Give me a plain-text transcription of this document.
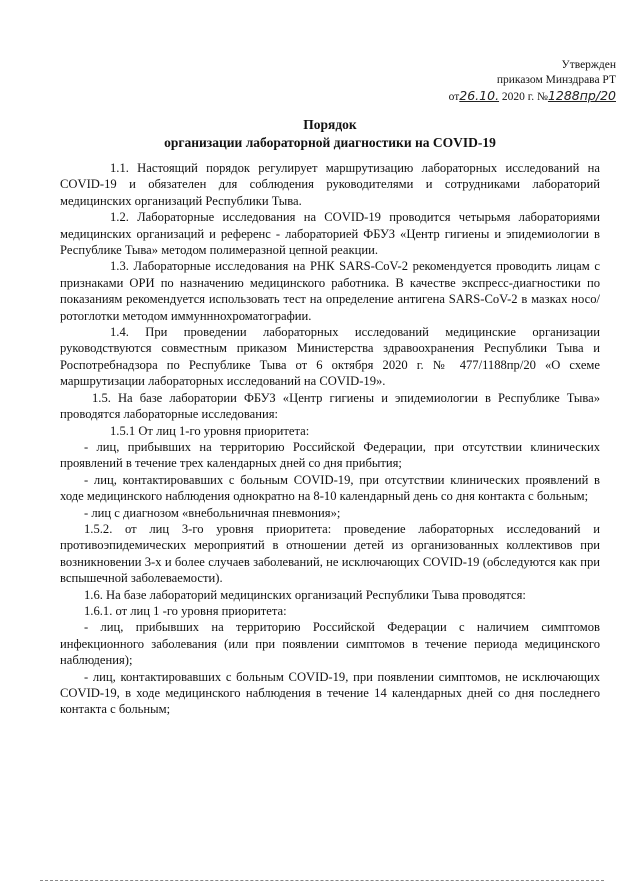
Утвержден
приказом Минздрава РТ
от26.10. 2020 г. №1288пр/20
Порядок
организации лабораторной диагностики на COVID-19

1.1. Настоящий порядок регулирует маршрутизацию лабораторных исследований на COVID-19 и обязателен для соблюдения руководителями и сотрудниками лабораторий медицинских организаций Республики Тыва.

1.2. Лабораторные исследования на COVID-19 проводится четырьмя лабораториями медицинских организаций и референс - лабораторией ФБУЗ «Центр гигиены и эпидемиологии в Республике Тыва» методом полимеразной цепной реакции.

1.3. Лабораторные исследования на РНК SARS-CoV-2 рекомендуется проводить лицам с признаками ОРИ по назначению медицинского работника. В качестве экспресс-диагностики по показаниям рекомендуется использовать тест на определение антигена SARS-CoV-2 в мазках носо/ротоглотки методом иммунннохроматографии.

1.4. При проведении лабораторных исследований медицинские организации руководствуются совместным приказом Министерства здравоохранения Республики Тыва и Роспотребнадзора по Республике Тыва от 6 октября 2020 г. № 477/1188пр/20 «О схеме маршрутизации лабораторных исследований на COVID-19».

1.5. На базе лаборатории ФБУЗ «Центр гигиены и эпидемиологии в Республике Тыва» проводятся лабораторные исследования:

1.5.1 От лиц 1-го уровня приоритета:

- лиц, прибывших на территорию Российской Федерации, при отсутствии клинических проявлений в течение трех календарных дней со дня прибытия;

- лиц, контактировавших с больным COVID-19, при отсутствии клинических проявлений в ходе медицинского наблюдения однократно на 8-10 календарный день со дня контакта с больным;

- лиц с диагнозом «внебольничная пневмония»;

1.5.2. от лиц 3-го уровня приоритета: проведение лабораторных исследований и противоэпидемических мероприятий в отношении детей из организованных коллективов при возникновении 3-х и более случаев заболеваний, не исключающих COVID-19 (обследуются как при вспышечной заболеваемости).

1.6. На базе лабораторий медицинских организаций Республики Тыва проводятся:

1.6.1. от лиц 1 -го уровня приоритета:

- лиц, прибывших на территорию Российской Федерации с наличием симптомов инфекционного заболевания (или при появлении симптомов в течение периода медицинского наблюдения);

- лиц, контактировавших с больным COVID-19, при появлении симптомов, не исключающих COVID-19, в ходе медицинского наблюдения в течение 14 календарных дней со дня последнего контакта с больным;
